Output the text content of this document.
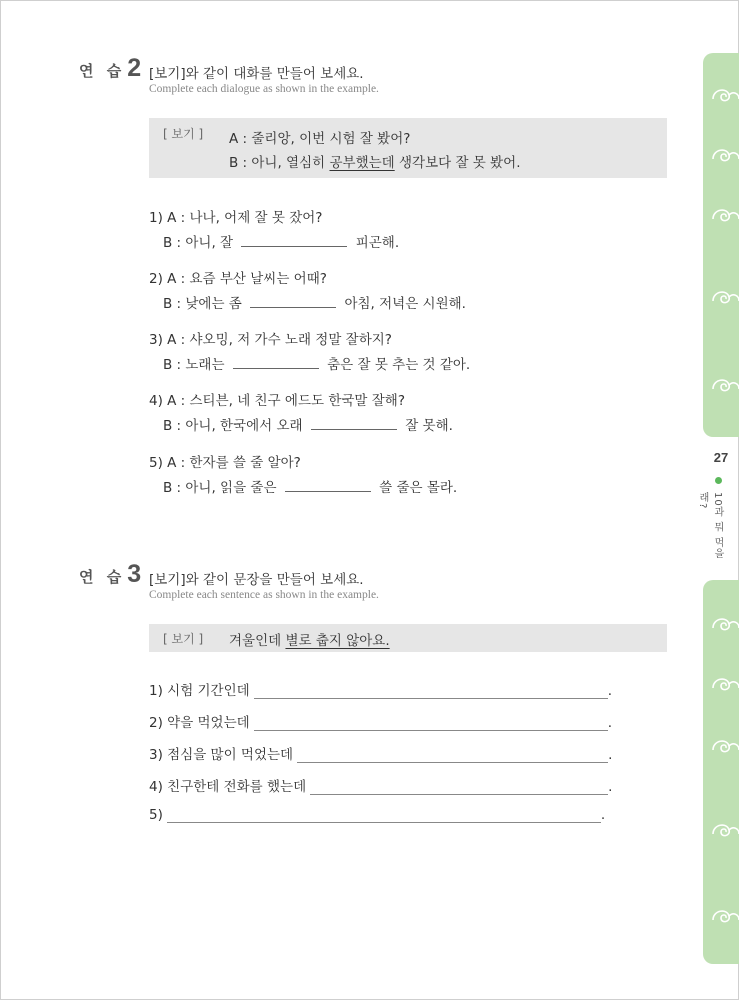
27
10과 뭐 먹을래?
연 습 2 [보기]와 같이 대화를 만들어 보세요.
Complete each dialogue as shown in the example.
[ 보기 ] A : 줄리앙, 이번 시험 잘 봤어?
B : 아니, 열심히 공부했는데 생각보다 잘 못 봤어.
1) A : 나나, 어제 잘 못 잤어?
B : 아니, 잘	피곤해.
2) A : 요즘 부산 날씨는 어때?
B : 낮에는 좀	아침, 저녁은 시원해.
3) A : 샤오밍, 저 가수 노래 정말 잘하지?
B : 노래는	춤은 잘 못 추는 것 같아.
4) A : 스티븐, 네 친구 에드도 한국말 잘해?
B : 아니, 한국에서 오래	잘 못해.
5) A : 한자를 쓸 줄 알아?
B : 아니, 읽을 줄은	쓸 줄은 몰라.
연 습 3 [보기]와 같이 문장을 만들어 보세요.
Complete each sentence as shown in the example.
[ 보기 ] 겨울인데 별로 춥지 않아요.
1) 시험 기간인데	.
2) 약을 먹었는데	.
3) 점심을 많이 먹었는데	.
4) 친구한테 전화를 했는데	.
5)	.
